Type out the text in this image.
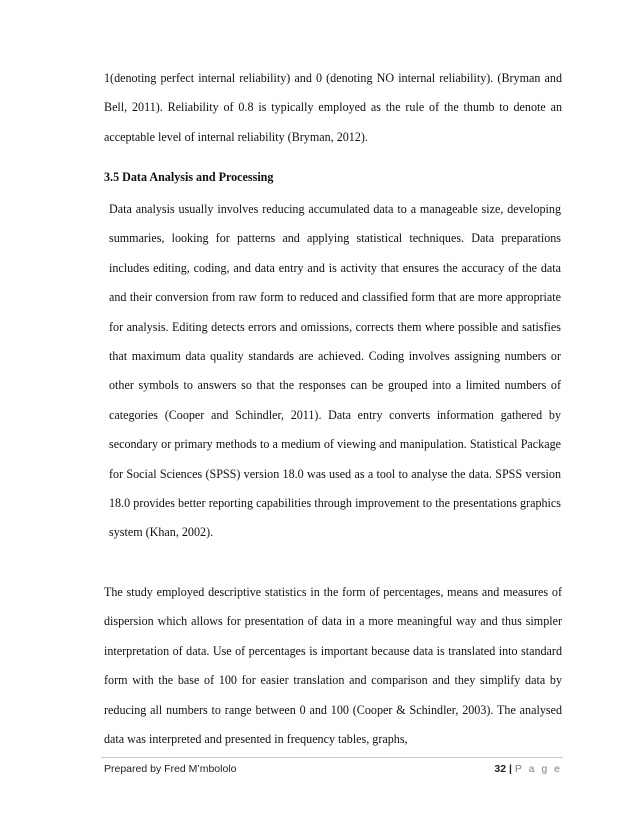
1(denoting perfect internal reliability) and 0 (denoting NO internal reliability). (Bryman and Bell, 2011). Reliability of 0.8 is typically employed as the rule of the thumb to denote an acceptable level of internal reliability (Bryman, 2012).

3.5 Data Analysis and Processing

Data analysis usually involves reducing accumulated data to a manageable size, developing summaries, looking for patterns and applying statistical techniques. Data preparations includes editing, coding, and data entry and is activity that ensures the accuracy of the data and their conversion from raw form to reduced and classified form that are more appropriate for analysis. Editing detects errors and omissions, corrects them where possible and satisfies that maximum data quality standards are achieved. Coding involves assigning numbers or other symbols to answers so that the responses can be grouped into a limited numbers of categories (Cooper and Schindler, 2011). Data entry converts information gathered by secondary or primary methods to a medium of viewing and manipulation. Statistical Package for Social Sciences (SPSS) version 18.0 was used as a tool to analyse the data. SPSS version 18.0 provides better reporting capabilities through improvement to the presentations graphics system (Khan, 2002).

The study employed descriptive statistics in the form of percentages, means and measures of dispersion which allows for presentation of data in a more meaningful way and thus simpler interpretation of data. Use of percentages is important because data is translated into standard form with the base of 100 for easier translation and comparison and they simplify data by reducing all numbers to range between 0 and 100 (Cooper & Schindler, 2003). The analysed data was interpreted and presented in frequency tables, graphs,

Prepared by Fred M’mbololo	32 | P a g e
